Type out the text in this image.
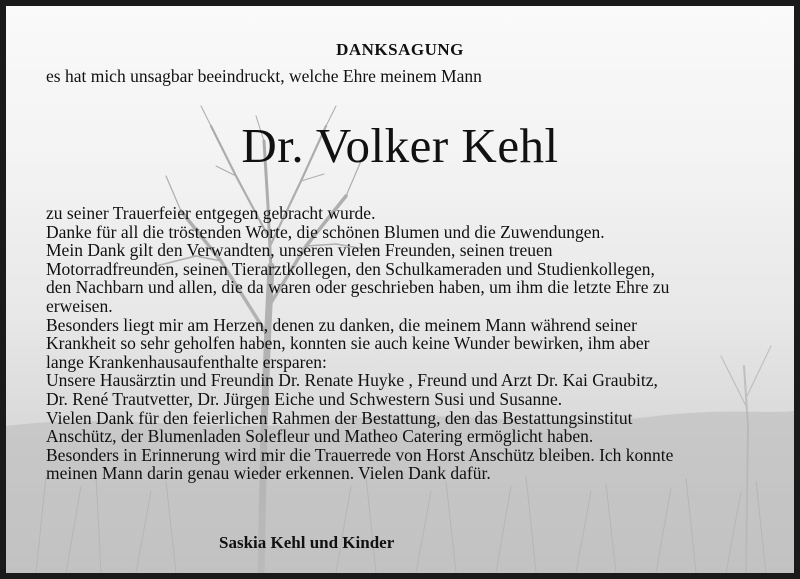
DANKSAGUNG
es hat mich unsagbar beeindruckt, welche Ehre meinem Mann
Dr. Volker Kehl
zu seiner Trauerfeier entgegen gebracht wurde.
Danke für all die tröstenden Worte, die schönen Blumen und die Zuwendungen.
Mein Dank gilt den Verwandten, unseren vielen Freunden, seinen treuen
Motorradfreunden, seinen Tierarztkollegen, den Schulkameraden und Studienkollegen,
den Nachbarn und allen, die da waren oder geschrieben haben, um ihm die letzte Ehre zu
erweisen.
Besonders liegt mir am Herzen, denen zu danken, die meinem Mann während seiner
Krankheit so sehr geholfen haben, konnten sie auch keine Wunder bewirken, ihm aber
lange Krankenhausaufenthalte ersparen:
Unsere Hausärztin und Freundin Dr. Renate Huyke , Freund und Arzt Dr. Kai Graubitz,
Dr. René Trautvetter, Dr. Jürgen Eiche und Schwestern Susi und Susanne.
Vielen Dank für den feierlichen Rahmen der Bestattung, den das Bestattungsinstitut
Anschütz, der Blumenladen Solefleur und Matheo Catering ermöglicht haben.
Besonders in Erinnerung wird mir die Trauerrede von Horst Anschütz bleiben. Ich konnte
meinen Mann darin genau wieder erkennen. Vielen Dank dafür.
Saskia Kehl und Kinder
